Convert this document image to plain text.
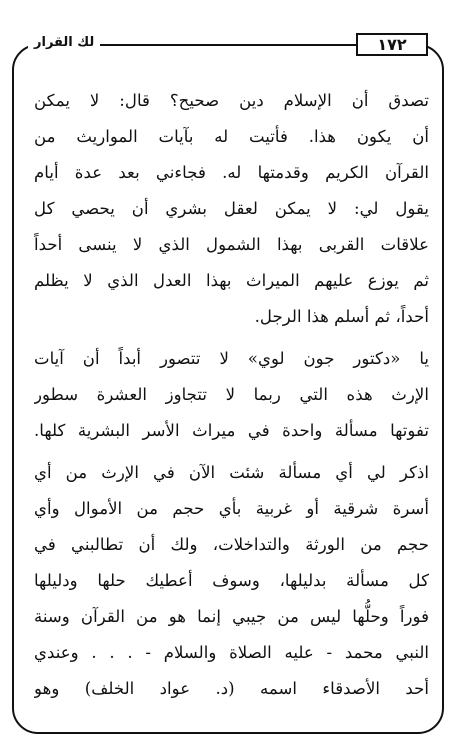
١٧٢
لك القرار
تصدق أن الإسلام دين صحيح؟ قال: لا يمكن
أن يكون هذا. فأتيت له بآيات المواريث من
القرآن الكريم وقدمتها له. فجاءني بعد عدة أيام
يقول لي: لا يمكن لعقل بشري أن يحصي كل
علاقات القربى بهذا الشمول الذي لا ينسى أحداً
ثم يوزع عليهم الميراث بهذا العدل الذي لا يظلم
أحداً، ثم أسلم هذا الرجل.
يا «دكتور جون لوي» لا تتصور أبداً أن آيات
الإرث هذه التي ربما لا تتجاوز العشرة سطور
تفوتها مسألة واحدة في ميراث الأسر البشرية كلها.
اذكر لي أي مسألة شئت الآن في الإرث من أي
أسرة شرقية أو غربية بأي حجم من الأموال وأي
حجم من الورثة والتداخلات، ولك أن تطالبني في
كل مسألة بدليلها، وسوف أعطيك حلها ودليلها
فوراً وحلُّها ليس من جيبي إنما هو من القرآن وسنة
النبي محمد - عليه الصلاة والسلام - . . . وعندي
أحد الأصدقاء اسمه (د. عواد الخلف) وهو
